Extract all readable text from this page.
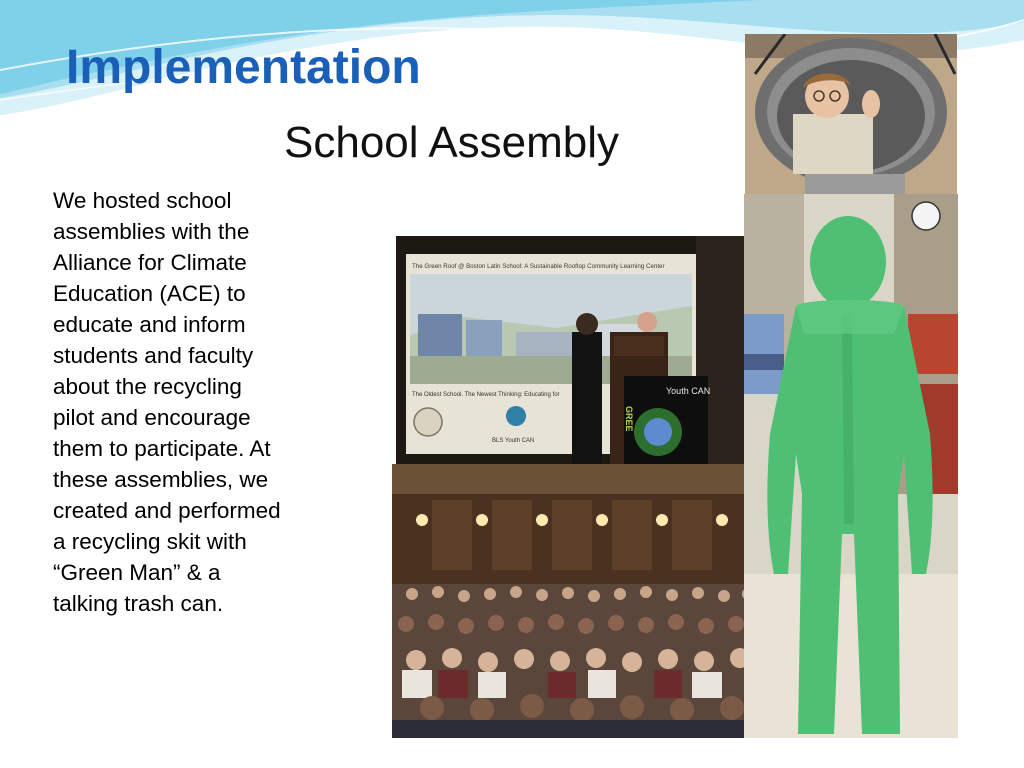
Implementation
School Assembly
We hosted school
assemblies with the
Alliance for Climate
Education (ACE) to
educate and inform
students and faculty
about the recycling
pilot and encourage
them to participate. At
these assemblies, we
created and performed
a recycling skit with
“Green Man” & a
talking trash can.
The Green Roof @ Boston Latin School: A Sustainable Rooftop Community Learning Center
The Oldest School. The Newest Thinking: Educating for
BLS Youth CAN
Youth CAN
GREE
